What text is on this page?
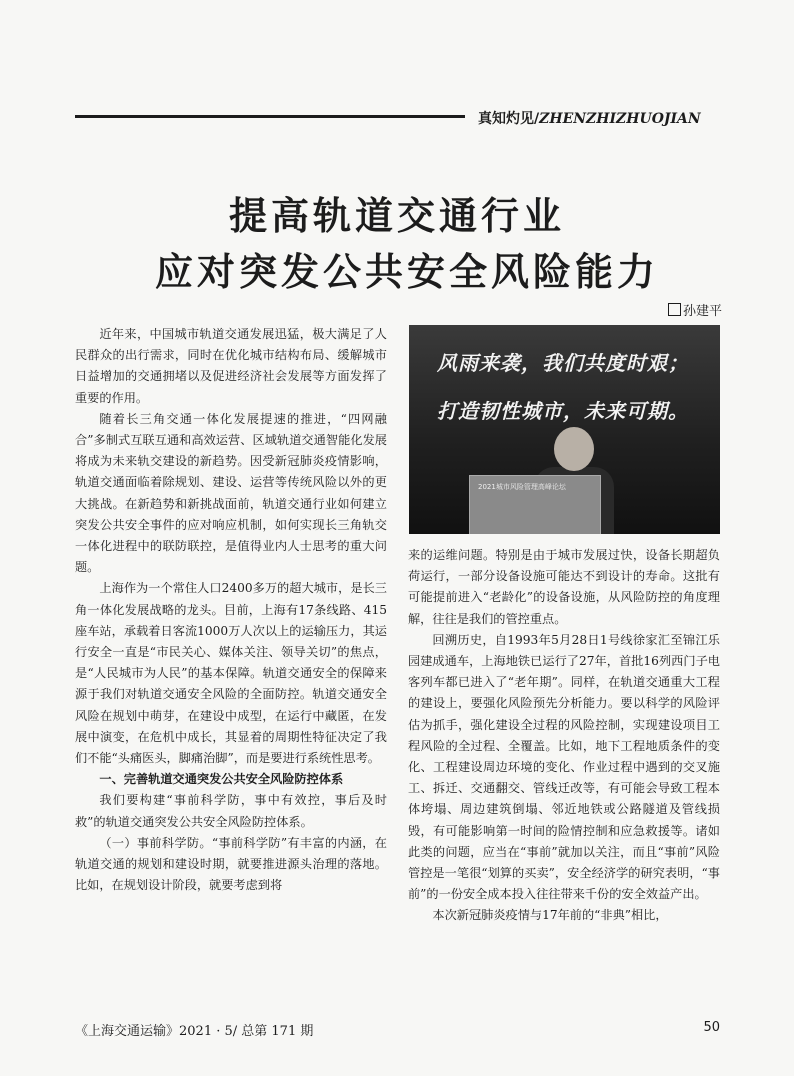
真知灼见/ZHENZHIZHUOJIAN
提高轨道交通行业
应对突发公共安全风险能力
孙建平
风雨来袭，我们共度时艰；
打造韧性城市，未来可期。
2021城市风险管理高峰论坛

近年来，中国城市轨道交通发展迅猛，极大满足了人民群众的出行需求，同时在优化城市结构布局、缓解城市日益增加的交通拥堵以及促进经济社会发展等方面发挥了重要的作用。

随着长三角交通一体化发展提速的推进，“四网融合”多制式互联互通和高效运营、区域轨道交通智能化发展将成为未来轨交建设的新趋势。因受新冠肺炎疫情影响，轨道交通面临着除规划、建设、运营等传统风险以外的更大挑战。在新趋势和新挑战面前，轨道交通行业如何建立突发公共安全事件的应对响应机制，如何实现长三角轨交一体化进程中的联防联控，是值得业内人士思考的重大问题。

上海作为一个常住人口2400多万的超大城市，是长三角一体化发展战略的龙头。目前，上海有17条线路、415座车站，承载着日客流1000万人次以上的运输压力，其运行安全一直是“市民关心、媒体关注、领导关切”的焦点，是“人民城市为人民”的基本保障。轨道交通安全的保障来源于我们对轨道交通安全风险的全面防控。轨道交通安全风险在规划中萌芽，在建设中成型，在运行中藏匿，在发展中演变，在危机中成长，其显着的周期性特征决定了我们不能“头痛医头，脚痛治脚”，而是要进行系统性思考。

一、完善轨道交通突发公共安全风险防控体系

我们要构建“事前科学防，事中有效控，事后及时救”的轨道交通突发公共安全风险防控体系。

（一）事前科学防。“事前科学防”有丰富的内涵，在轨道交通的规划和建设时期，就要推进源头治理的落地。比如，在规划设计阶段，就要考虑到将

来的运维问题。特别是由于城市发展过快，设备长期超负荷运行，一部分设备设施可能达不到设计的寿命。这批有可能提前进入“老龄化”的设备设施，从风险防控的角度理解，往往是我们的管控重点。

回溯历史，自1993年5月28日1号线徐家汇至锦江乐园建成通车，上海地铁已运行了27年，首批16列西门子电客列车都已进入了“老年期”。同样，在轨道交通重大工程的建设上，要强化风险预先分析能力。要以科学的风险评估为抓手，强化建设全过程的风险控制，实现建设项目工程风险的全过程、全覆盖。比如，地下工程地质条件的变化、工程建设周边环境的变化、作业过程中遇到的交叉施工、拆迁、交通翻交、管线迁改等，有可能会导致工程本体垮塌、周边建筑倒塌、邻近地铁或公路隧道及管线损毁，有可能影响第一时间的险情控制和应急救援等。诸如此类的问题，应当在“事前”就加以关注，而且“事前”风险管控是一笔很“划算的买卖”，安全经济学的研究表明，“事前”的一份安全成本投入往往带来千份的安全效益产出。

本次新冠肺炎疫情与17年前的“非典”相比，

《上海交通运输》2021 · 5/ 总第 171 期	50
